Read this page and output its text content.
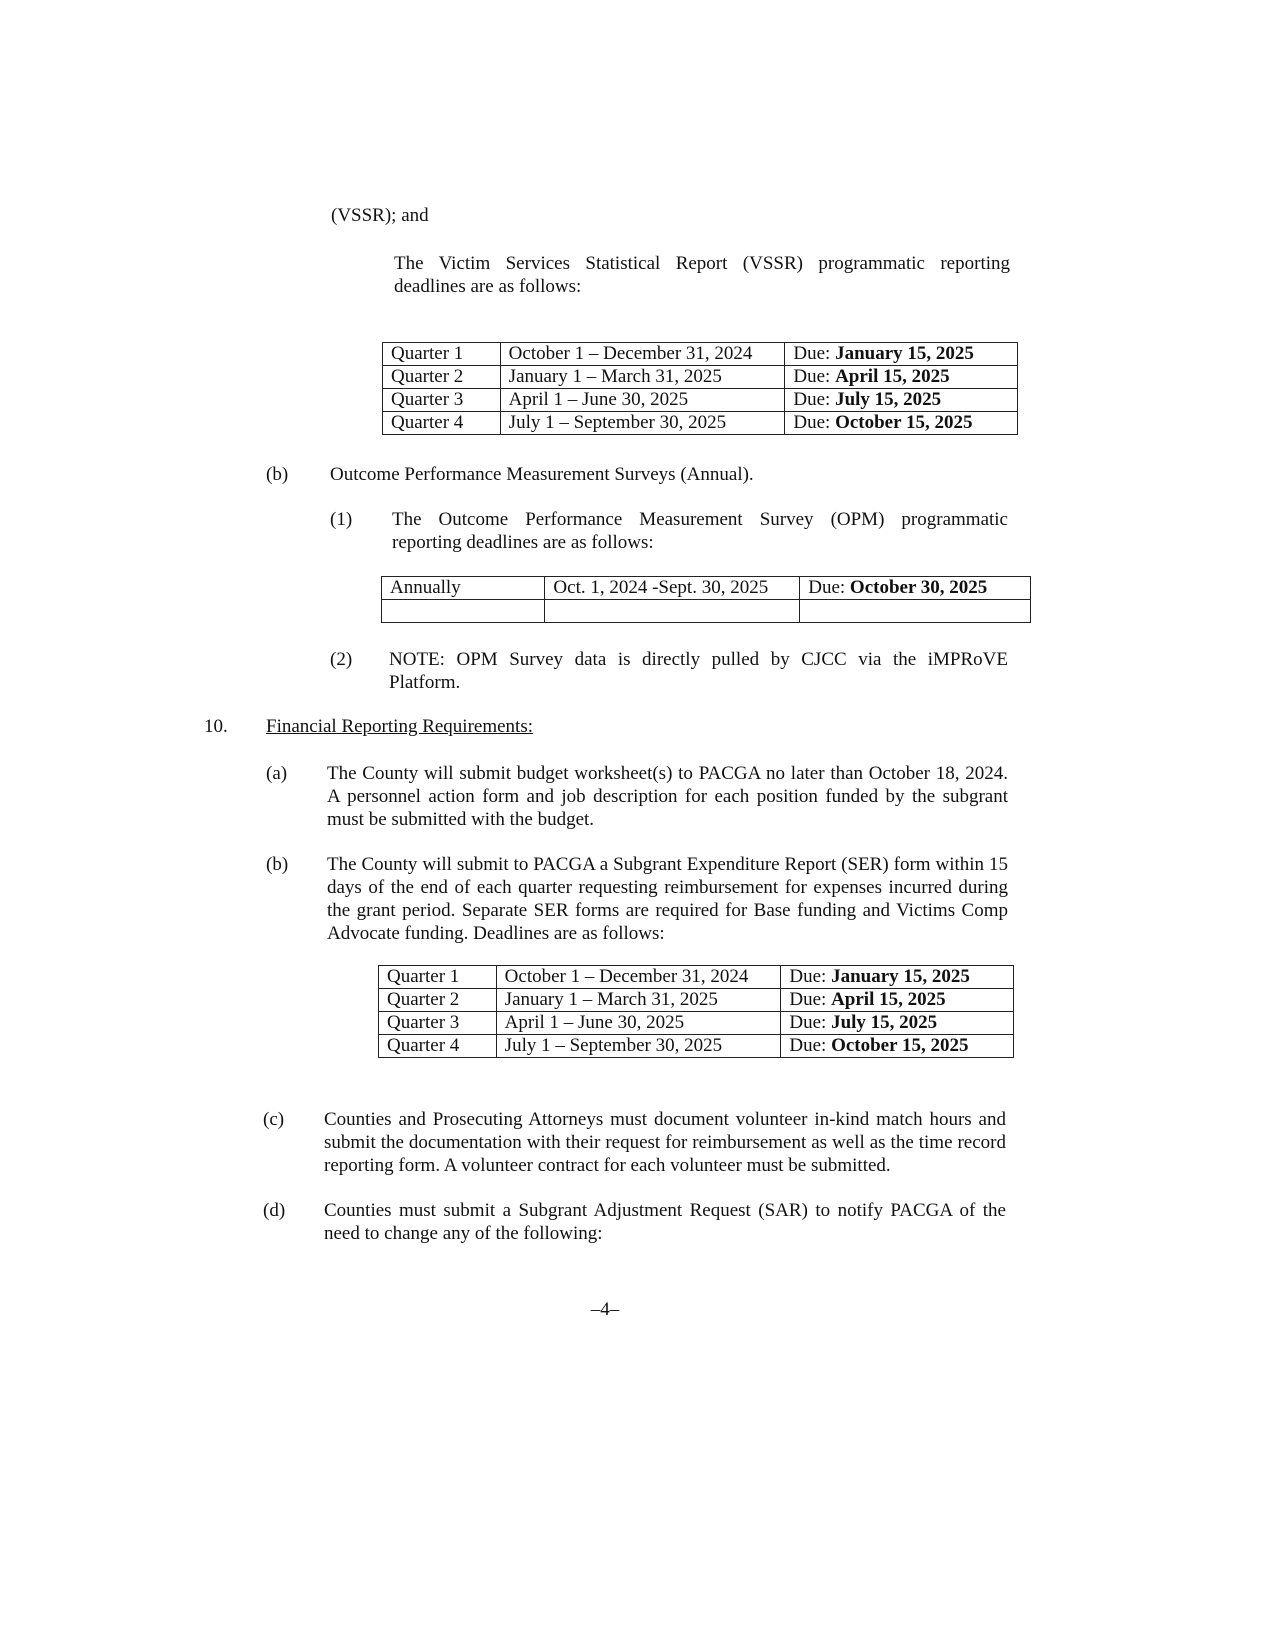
(VSSR); and
The Victim Services Statistical Report (VSSR) programmatic reporting deadlines are as follows:
Quarter 1	October 1 – December 31, 2024	Due: January 15, 2025
Quarter 2	January 1 – March 31, 2025	Due: April 15, 2025
Quarter 3	April 1 – June 30, 2025	Due: July 15, 2025
Quarter 4	July 1 – September 30, 2025	Due: October 15, 2025
(b) Outcome Performance Measurement Surveys (Annual).
(1) The Outcome Performance Measurement Survey (OPM) programmatic reporting deadlines are as follows:
Annually	Oct. 1, 2024 -Sept. 30, 2025	Due: October 30, 2025

(2) NOTE: OPM Survey data is directly pulled by CJCC via the iMPRoVE Platform.
10. Financial Reporting Requirements:
(a) The County will submit budget worksheet(s) to PACGA no later than October 18, 2024. A personnel action form and job description for each position funded by the subgrant must be submitted with the budget.
(b) The County will submit to PACGA a Subgrant Expenditure Report (SER) form within 15 days of the end of each quarter requesting reimbursement for expenses incurred during the grant period. Separate SER forms are required for Base funding and Victims Comp Advocate funding. Deadlines are as follows:
Quarter 1	October 1 – December 31, 2024	Due: January 15, 2025
Quarter 2	January 1 – March 31, 2025	Due: April 15, 2025
Quarter 3	April 1 – June 30, 2025	Due: July 15, 2025
Quarter 4	July 1 – September 30, 2025	Due: October 15, 2025
(c) Counties and Prosecuting Attorneys must document volunteer in-kind match hours and submit the documentation with their request for reimbursement as well as the time record reporting form. A volunteer contract for each volunteer must be submitted.
(d) Counties must submit a Subgrant Adjustment Request (SAR) to notify PACGA of the need to change any of the following:
–4–
